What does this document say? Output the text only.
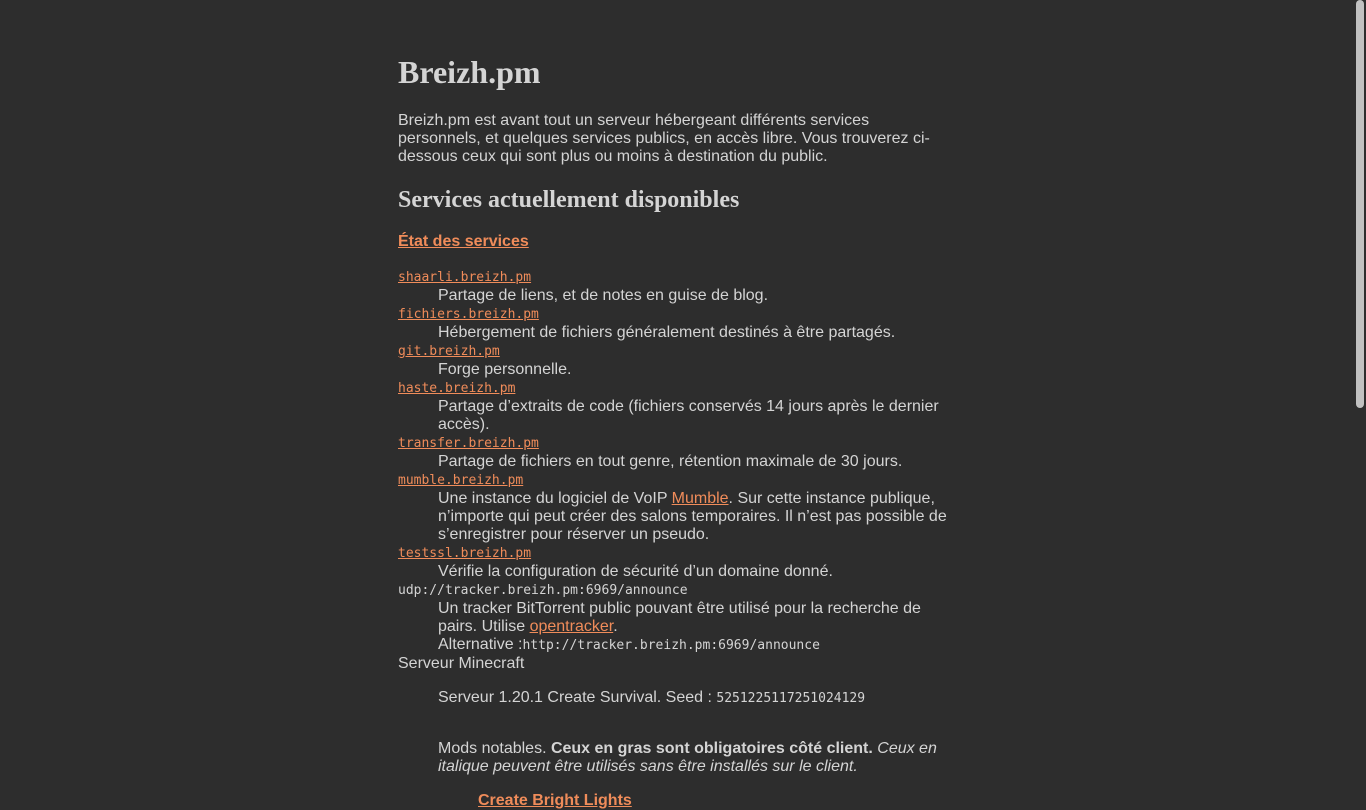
Breizh.pm

Breizh.pm est avant tout un serveur hébergeant différents services personnels, et quelques services publics, en accès libre. Vous trouverez ci-dessous ceux qui sont plus ou moins à destination du public.

Services actuellement disponibles
État des services
shaarli.breizh.pm
Partage de liens, et de notes en guise de blog.
fichiers.breizh.pm
Hébergement de fichiers généralement destinés à être partagés.
git.breizh.pm
Forge personnelle.
haste.breizh.pm
Partage d’extraits de code (fichiers conservés 14 jours après le dernier accès).
transfer.breizh.pm
Partage de fichiers en tout genre, rétention maximale de 30 jours.
mumble.breizh.pm
Une instance du logiciel de VoIP Mumble. Sur cette instance publique, n’importe qui peut créer des salons temporaires. Il n’est pas possible de s’enregistrer pour réserver un pseudo.
testssl.breizh.pm
Vérifie la configuration de sécurité d’un domaine donné.
udp://tracker.breizh.pm:6969/announce
Un tracker BitTorrent public pouvant être utilisé pour la recherche de pairs. Utilise opentracker.
Alternative :http://tracker.breizh.pm:6969/announce
Serveur Minecraft
Serveur 1.20.1 Create Survival. Seed : 5251225117251024129
Mods notables. Ceux en gras sont obligatoires côté client. Ceux en italique peuvent être utilisés sans être installés sur le client.
Create Bright Lights
